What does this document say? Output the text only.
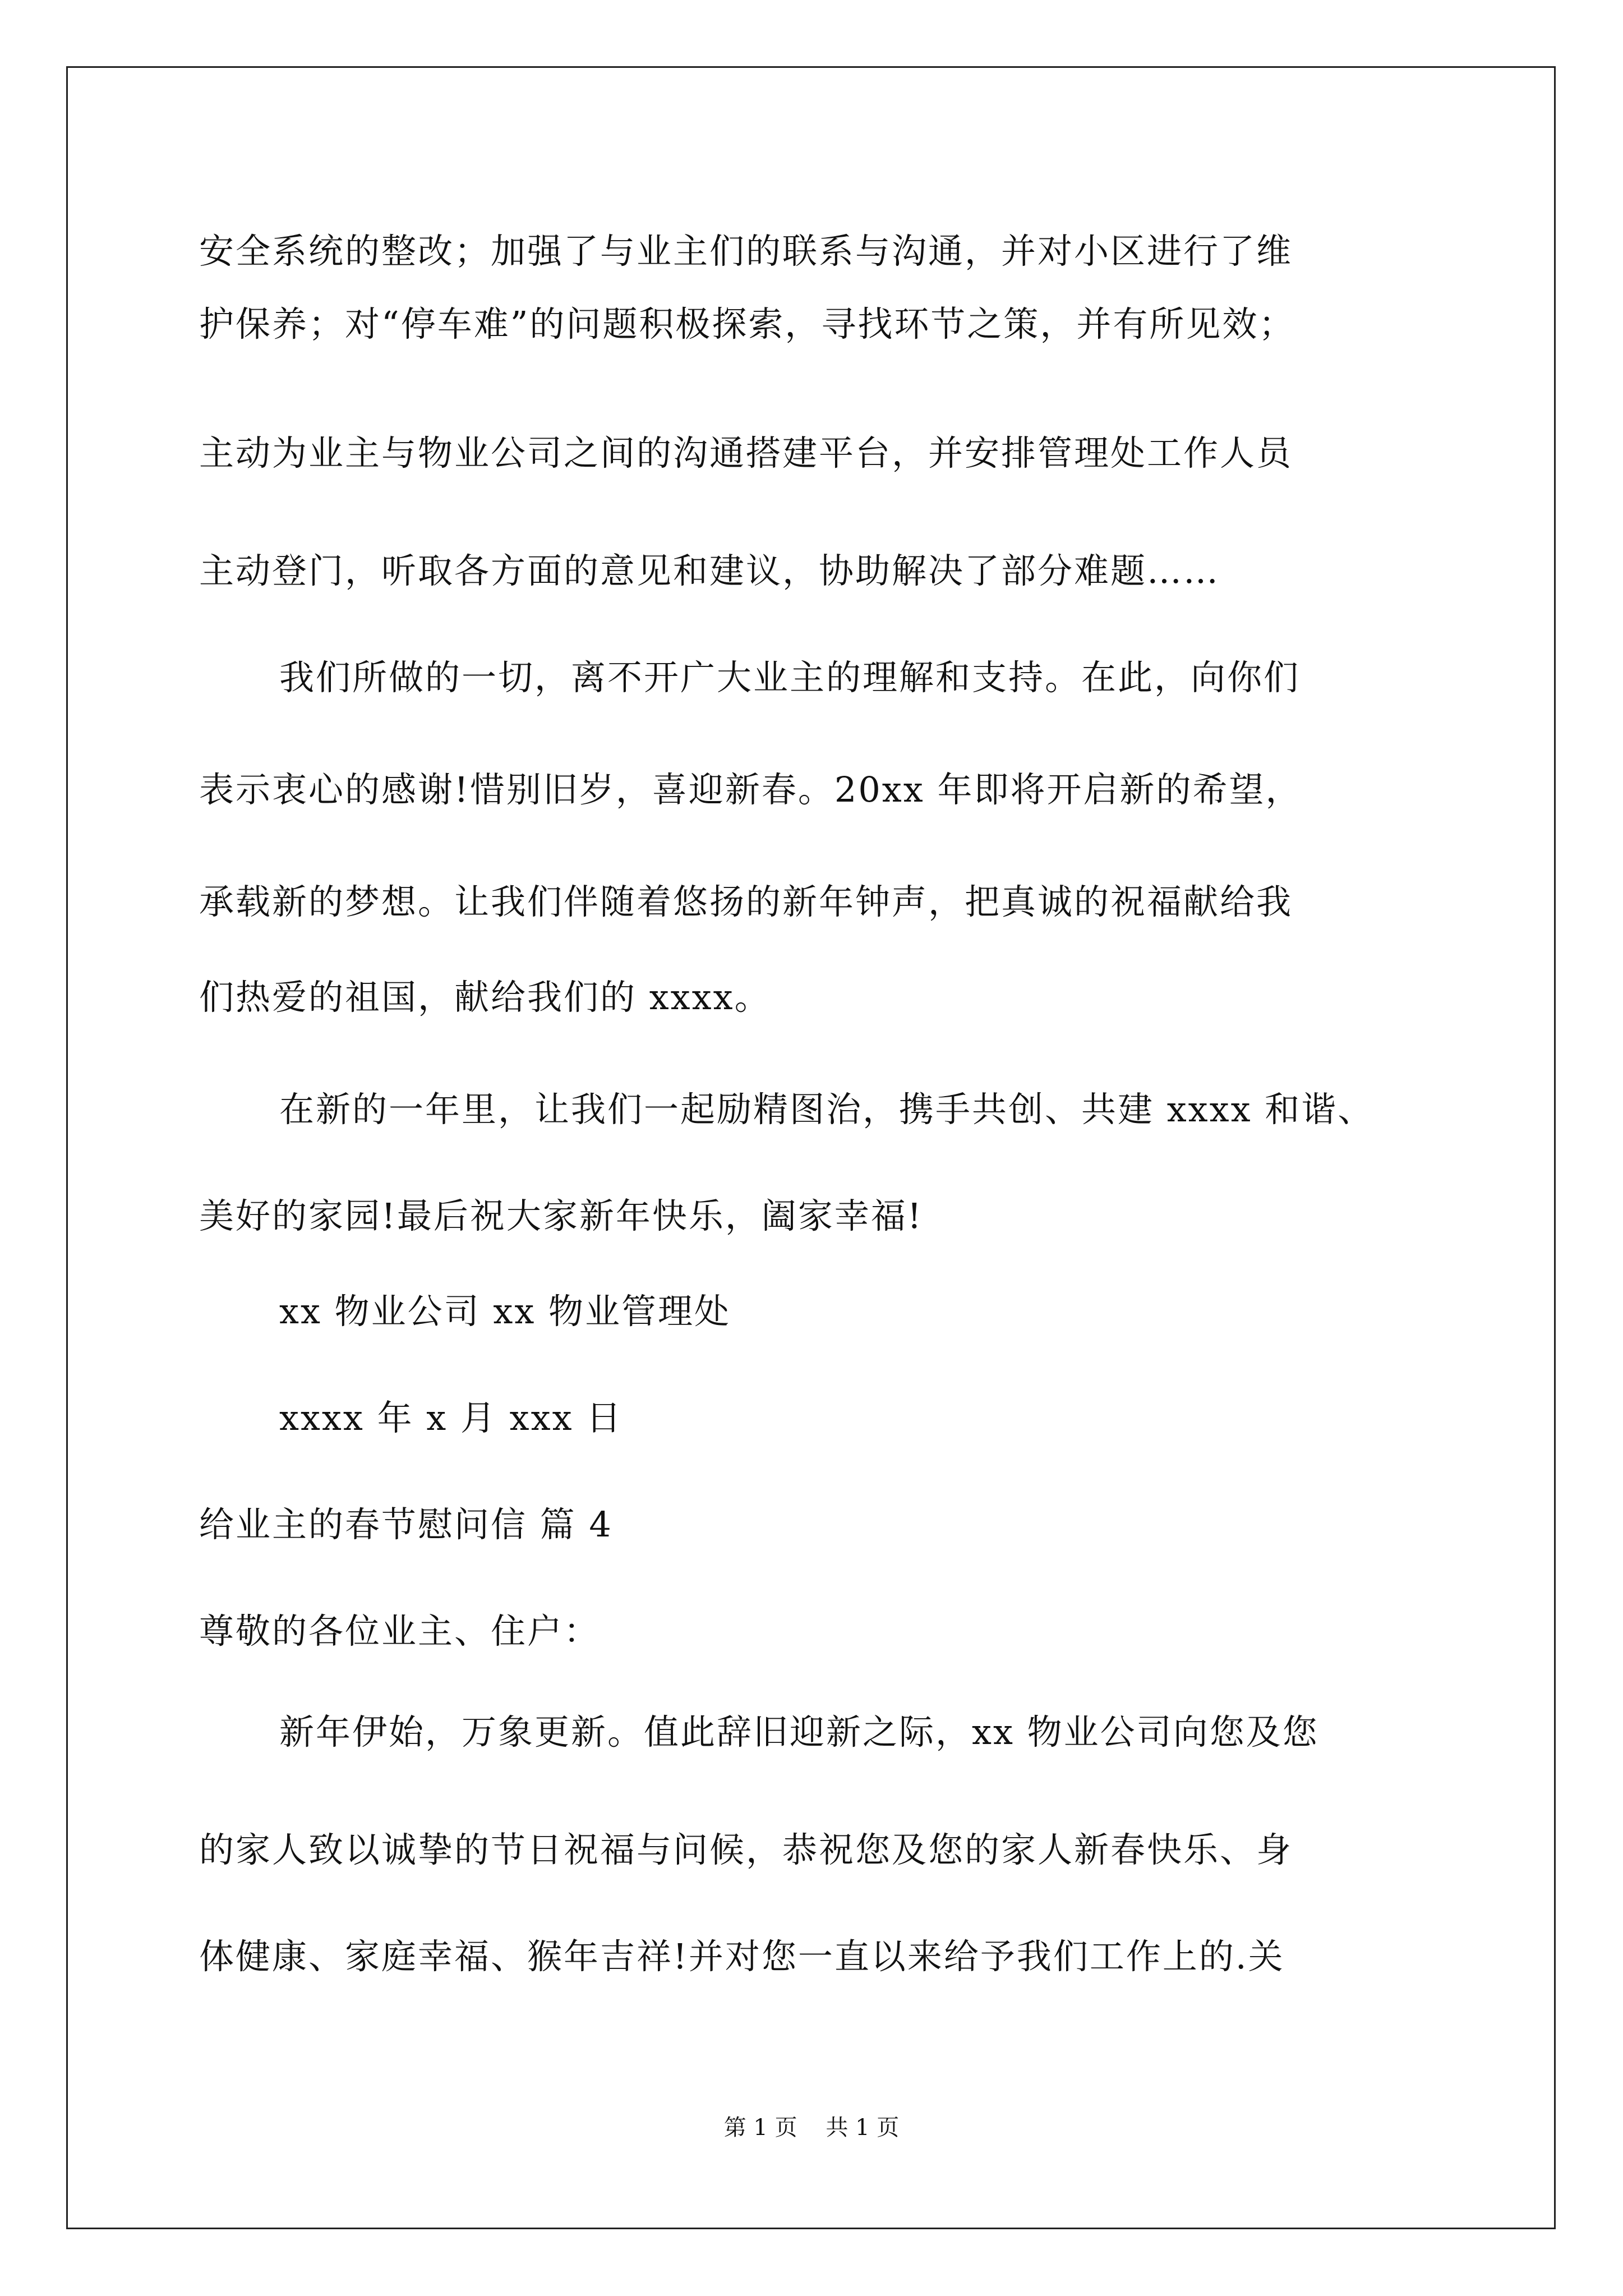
安全系统的整改；加强了与业主们的联系与沟通，并对小区进行了维
护保养；对“停车难”的问题积极探索，寻找环节之策，并有所见效；
主动为业主与物业公司之间的沟通搭建平台，并安排管理处工作人员
主动登门，听取各方面的意见和建议，协助解决了部分难题……
我们所做的一切，离不开广大业主的理解和支持。在此，向你们
表示衷心的感谢!惜别旧岁，喜迎新春。20xx 年即将开启新的希望，
承载新的梦想。让我们伴随着悠扬的新年钟声，把真诚的祝福献给我
们热爱的祖国，献给我们的 xxxx。
在新的一年里，让我们一起励精图治，携手共创、共建 xxxx 和谐、
美好的家园!最后祝大家新年快乐，阖家幸福!
xx 物业公司 xx 物业管理处
xxxx 年 x 月 xxx 日
给业主的春节慰问信 篇 4
尊敬的各位业主、住户：
新年伊始，万象更新。值此辞旧迎新之际，xx 物业公司向您及您
的家人致以诚挚的节日祝福与问候，恭祝您及您的家人新春快乐、身
体健康、家庭幸福、猴年吉祥!并对您一直以来给予我们工作上的.关
第 1 页    共 1 页
